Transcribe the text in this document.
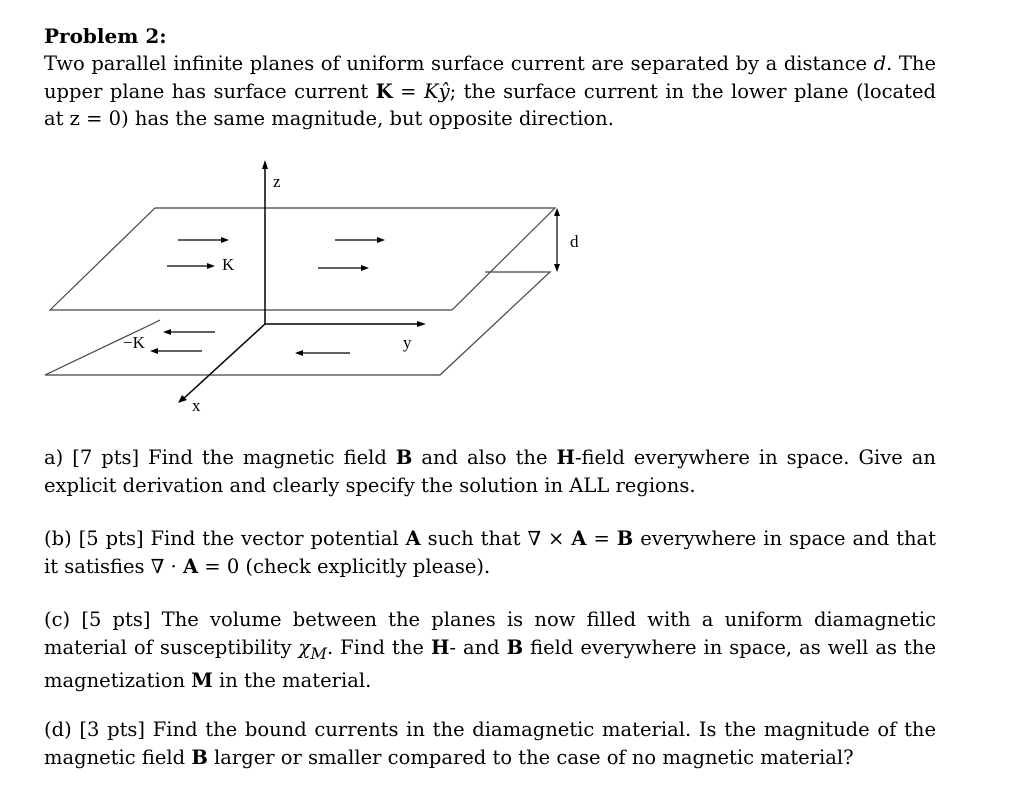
Problem 2:

Two parallel infinite planes of uniform surface current are separated by a distance d. The upper plane has surface current K = Kŷ; the surface current in the lower plane (located at z = 0) has the same magnitude, but opposite direction.

z
d
K
−K	y
x

a) [7 pts] Find the magnetic field B and also the H-field everywhere in space. Give an explicit derivation and clearly specify the solution in ALL regions.

(b) [5 pts] Find the vector potential A such that ∇ × A = B everywhere in space and that it satisfies ∇ · A = 0 (check explicitly please).

(c) [5 pts] The volume between the planes is now filled with a uniform diamagnetic material of susceptibility $\chi_M$. Find the H- and B field everywhere in space, as well as the magnetization M in the material.

(d) [3 pts] Find the bound currents in the diamagnetic material. Is the magnitude of the magnetic field B larger or smaller compared to the case of no magnetic material?
